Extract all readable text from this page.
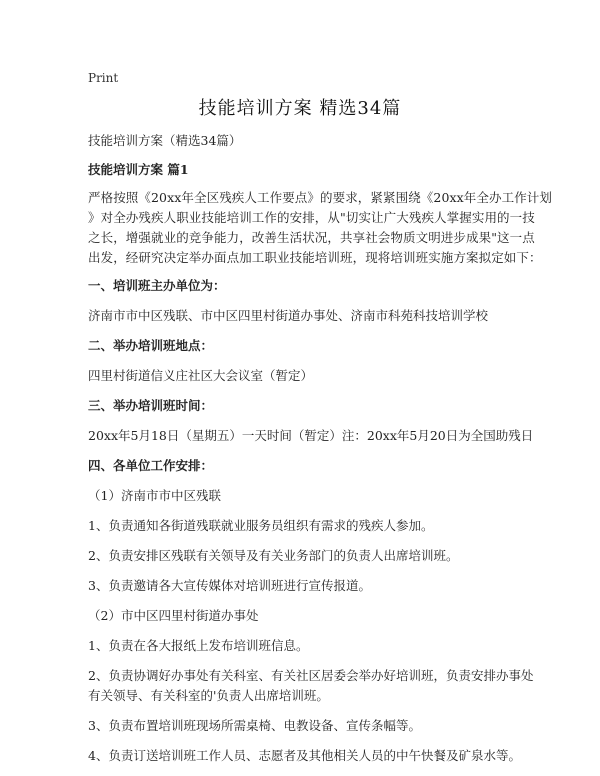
Print
技能培训方案 精选34篇

技能培训方案（精选34篇）

技能培训方案 篇1

严格按照《20xx年全区残疾人工作要点》的要求，紧紧围绕《20xx年全办工作计划
》对全办残疾人职业技能培训工作的安排，从"切实让广大残疾人掌握实用的一技
之长，增强就业的竞争能力，改善生活状况，共享社会物质文明进步成果"这一点
出发，经研究决定举办面点加工职业技能培训班，现将培训班实施方案拟定如下：

一、培训班主办单位为：

济南市市中区残联、市中区四里村街道办事处、济南市科苑科技培训学校

二、举办培训班地点：

四里村街道信义庄社区大会议室（暂定）

三、举办培训班时间：

20xx年5月18日（星期五）一天时间（暂定）注：20xx年5月20日为全国助残日

四、各单位工作安排：

（1）济南市市中区残联

1、负责通知各街道残联就业服务员组织有需求的残疾人参加。

2、负责安排区残联有关领导及有关业务部门的负责人出席培训班。

3、负责邀请各大宣传媒体对培训班进行宣传报道。

（2）市中区四里村街道办事处

1、负责在各大报纸上发布培训班信息。

2、负责协调好办事处有关科室、有关社区居委会举办好培训班，负责安排办事处
有关领导、有关科室的'负责人出席培训班。

3、负责布置培训班现场所需桌椅、电教设备、宣传条幅等。

4、负责订送培训班工作人员、志愿者及其他相关人员的中午快餐及矿泉水等。
